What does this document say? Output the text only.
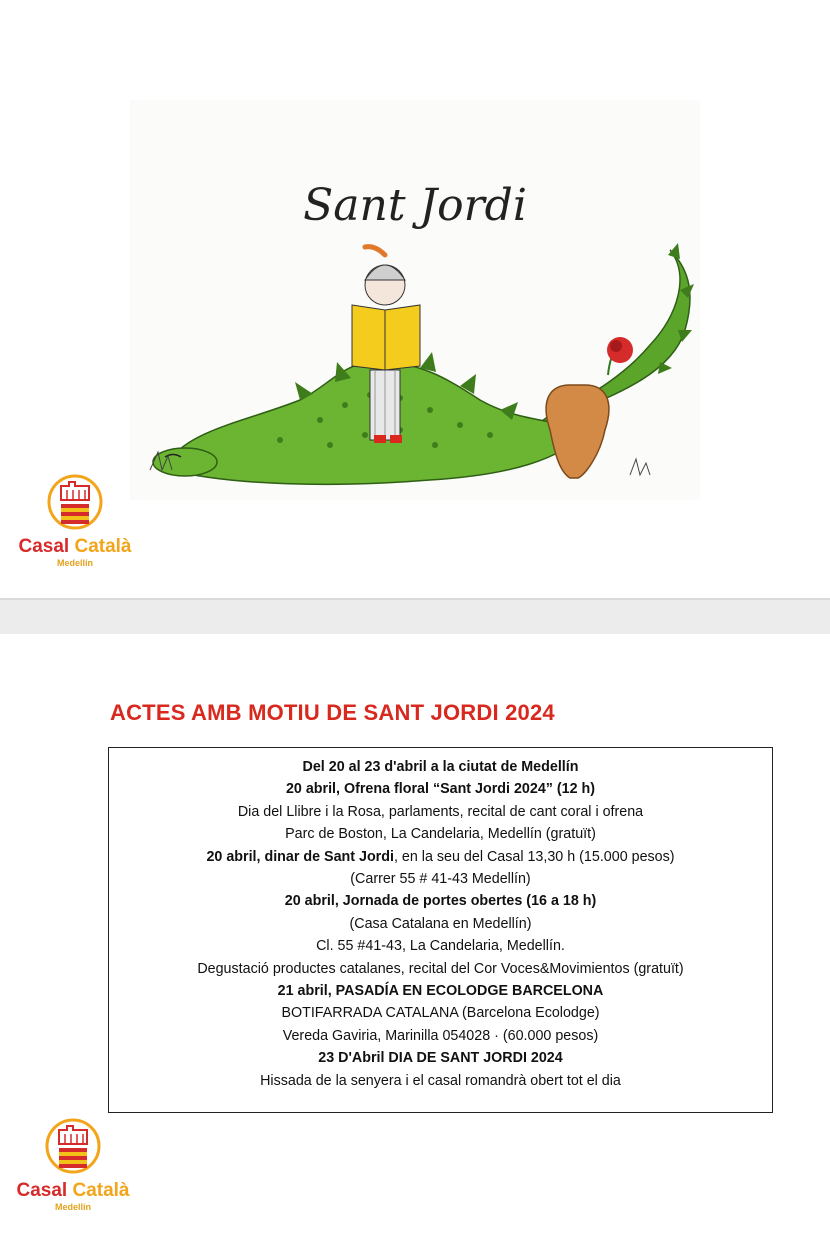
Sant Jordi
Casal Català
Medellín
ACTES AMB MOTIU DE SANT JORDI 2024
Del 20 al 23 d'abril a la ciutat de Medellín
20 abril, Ofrena floral “Sant Jordi 2024” (12 h)
Dia del Llibre i la Rosa, parlaments, recital de cant coral i ofrena
Parc de Boston, La Candelaria, Medellín (gratuït)
20 abril, dinar de Sant Jordi, en la seu del Casal 13,30 h (15.000 pesos)
(Carrer 55 # 41-43 Medellín)
20 abril, Jornada de portes obertes (16 a 18 h)
(Casa Catalana en Medellín)
Cl. 55 #41-43, La Candelaria, Medellín.
Degustació productes catalanes, recital del Cor Voces&Movimientos (gratuït)
21 abril, PASADÍA EN ECOLODGE BARCELONA
BOTIFARRADA CATALANA (Barcelona Ecolodge)
Vereda Gaviria, Marinilla 054028 · (60.000 pesos)
23 D'Abril DIA DE SANT JORDI 2024
Hissada de la senyera i el casal romandrà obert tot el dia
Casal Català
Medellín
